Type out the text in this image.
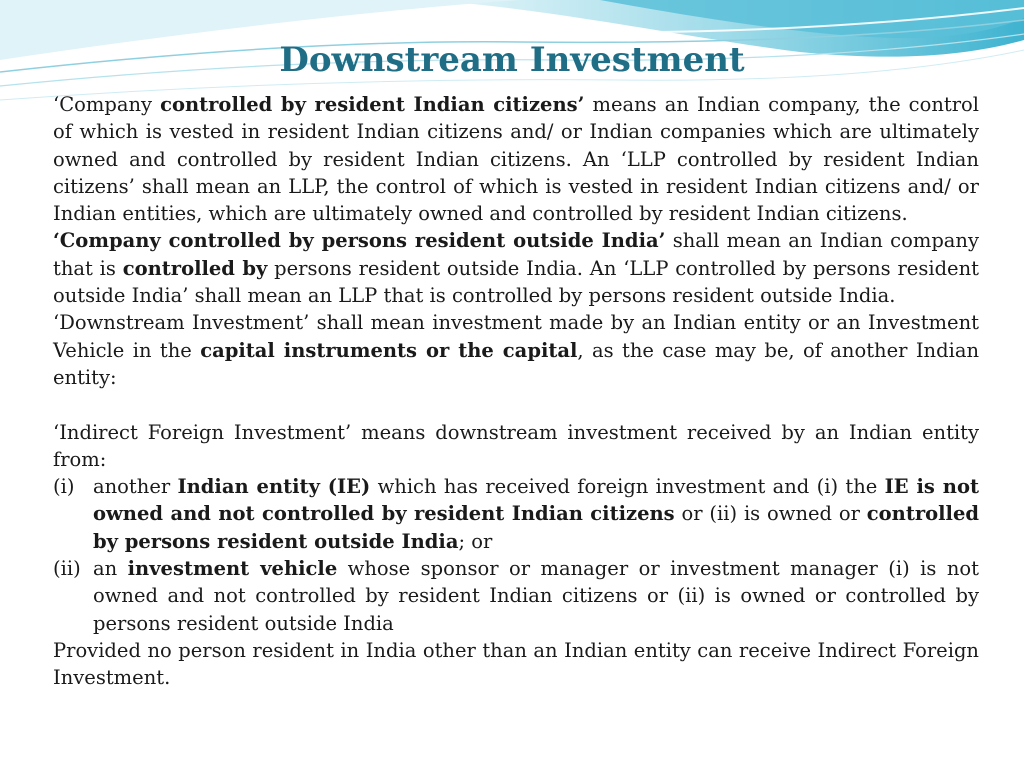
Downstream Investment

‘Company controlled by resident Indian citizens’ means an Indian company, the control of which is vested in resident Indian citizens and/ or Indian companies which are ultimately owned and controlled by resident Indian citizens. An ‘LLP controlled by resident Indian citizens’ shall mean an LLP, the control of which is vested in resident Indian citizens and/ or Indian entities, which are ultimately owned and controlled by resident Indian citizens.

‘Company controlled by persons resident outside India’ shall mean an Indian company that is controlled by persons resident outside India. An ‘LLP controlled by persons resident outside India’ shall mean an LLP that is controlled by persons resident outside India.

‘Downstream Investment’ shall mean investment made by an Indian entity or an Investment Vehicle in the capital instruments or the capital, as the case may be, of another Indian entity:

‘Indirect Foreign Investment’ means downstream investment received by an Indian entity from:

(i) another Indian entity (IE) which has received foreign investment and (i) the IE is not owned and not controlled by resident Indian citizens or (ii) is owned or controlled by persons resident outside India; or

(ii) an investment vehicle whose sponsor or manager or investment manager (i) is not owned and not controlled by resident Indian citizens or (ii) is owned or controlled by persons resident outside India

Provided no person resident in India other than an Indian entity can receive Indirect Foreign Investment.
